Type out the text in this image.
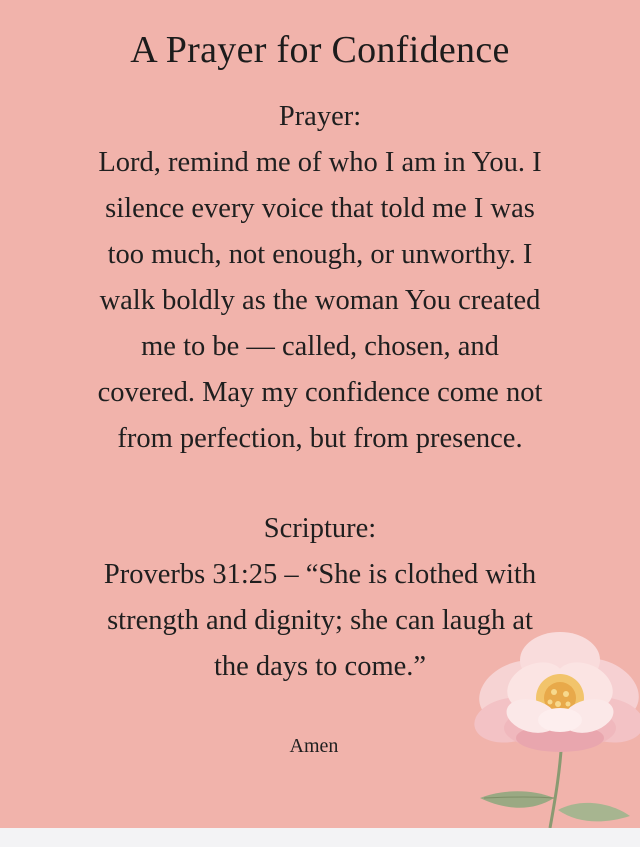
A Prayer for Confidence

Prayer:

Lord, remind me of who I am in You. I

silence every voice that told me I was

too much, not enough, or unworthy. I

walk boldly as the woman You created

me to be — called, chosen, and

covered. May my confidence come not

from perfection, but from presence.

Scripture:

Proverbs 31:25 – “She is clothed with

strength and dignity; she can laugh at

the days to come.”

Amen
